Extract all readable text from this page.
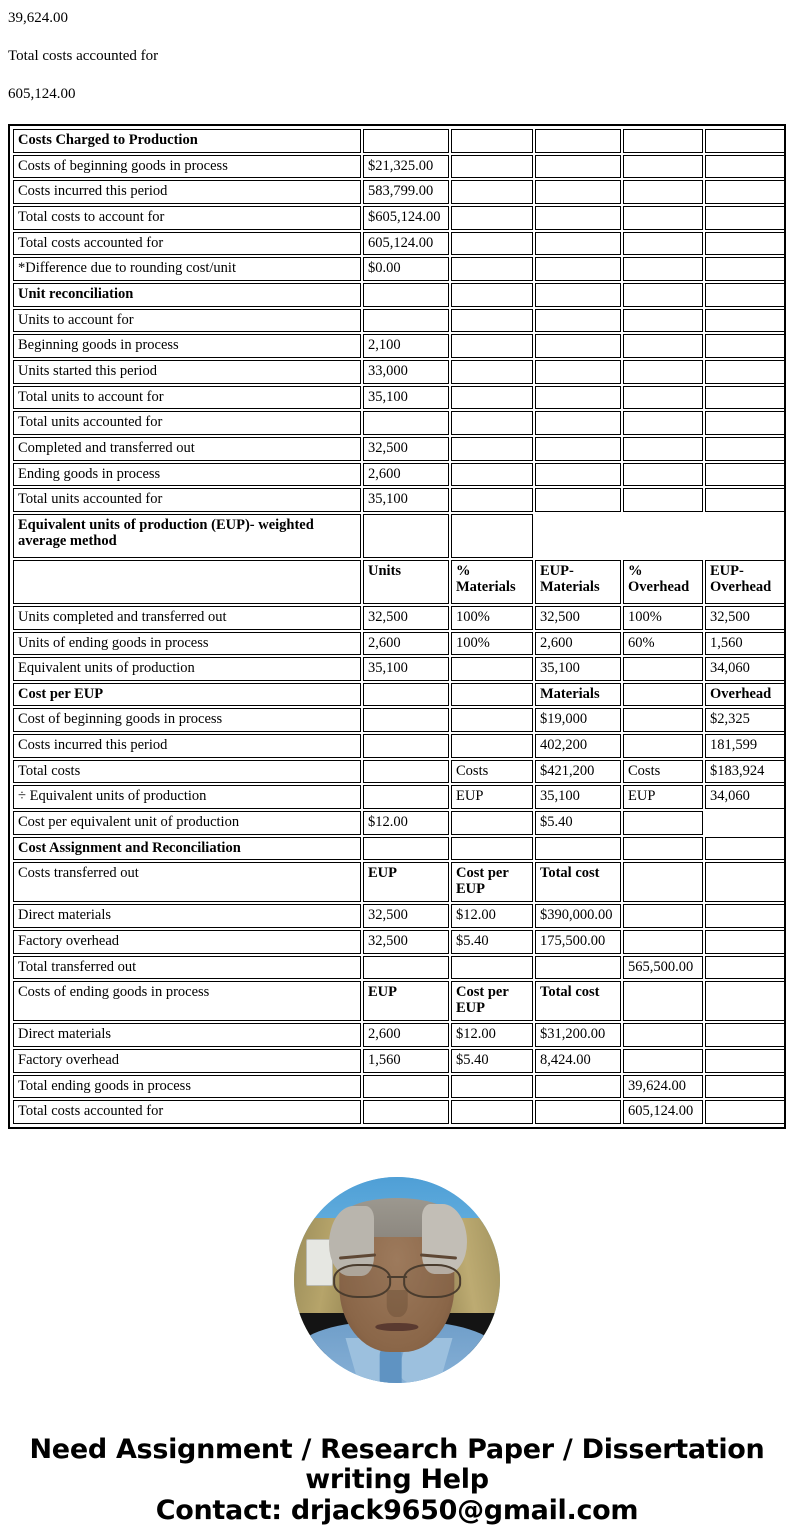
39,624.00

Total costs accounted for

605,124.00

Costs Charged to Production					
Costs of beginning goods in process	$21,325.00				
Costs incurred this period	583,799.00				
Total costs to account for	$605,124.00				
Total costs accounted for	605,124.00				
*Difference due to rounding cost/unit	$0.00				
Unit reconciliation					
Units to account for					
Beginning goods in process	2,100				
Units started this period	33,000				
Total units to account for	35,100				
Total units accounted for					
Completed and transferred out	32,500				
Ending goods in process	2,600				
Total units accounted for	35,100				
Equivalent units of production (EUP)- weighted average method					
	Units	% Materials	EUP-Materials	% Overhead	EUP-Overhead
Units completed and transferred out	32,500	100%	32,500	100%	32,500
Units of ending goods in process	2,600	100%	2,600	60%	1,560
Equivalent units of production	35,100		35,100		34,060
Cost per EUP			Materials		Overhead
Cost of beginning goods in process			$19,000		$2,325
Costs incurred this period			402,200		181,599
Total costs		Costs	$421,200	Costs	$183,924
÷ Equivalent units of production		EUP	35,100	EUP	34,060
Cost per equivalent unit of production	$12.00		$5.40		
Cost Assignment and Reconciliation					
Costs transferred out	EUP	Cost per EUP	Total cost		
Direct materials	32,500	$12.00	$390,000.00		
Factory overhead	32,500	$5.40	175,500.00		
Total transferred out				565,500.00	
Costs of ending goods in process	EUP	Cost per EUP	Total cost		
Direct materials	2,600	$12.00	$31,200.00		
Factory overhead	1,560	$5.40	8,424.00		
Total ending goods in process				39,624.00	
Total costs accounted for				605,124.00	
Need Assignment / Research Paper / Dissertation
writing Help
Contact: drjack9650@gmail.com
